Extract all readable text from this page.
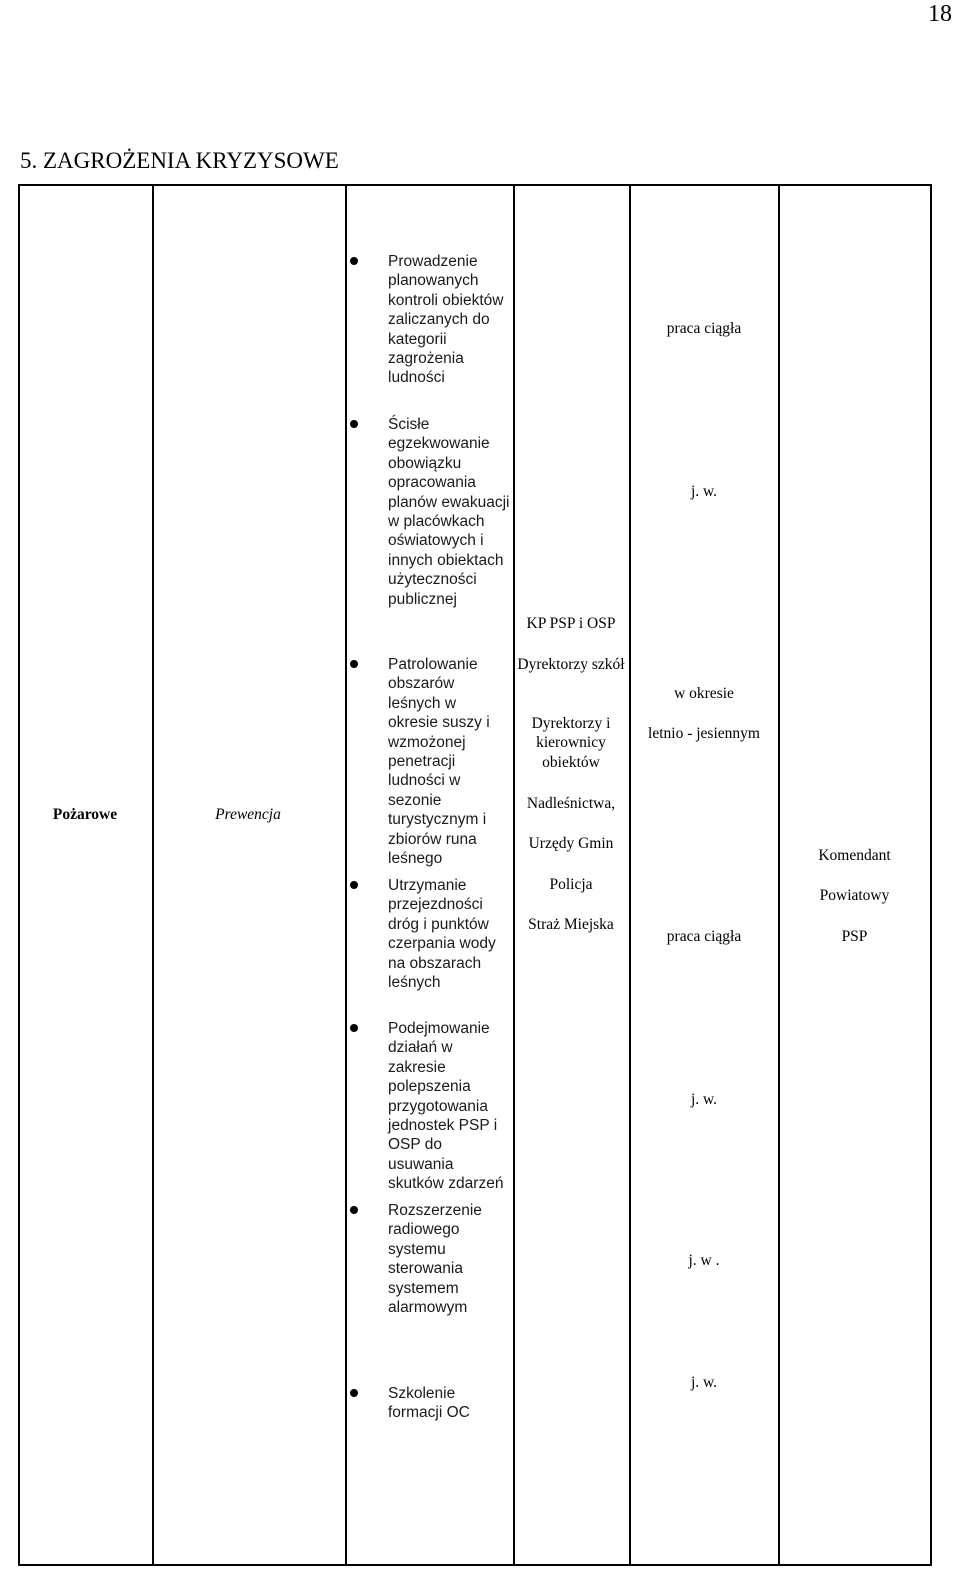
18
5. ZAGROŻENIA KRYZYSOWE
Pożarowe	Prewencja
Prowadzenie planowanych kontroli obiektów zaliczanych do kategorii zagrożenia ludności
Ścisłe egzekwowanie obowiązku opracowania planów ewakuacji w placówkach oświatowych i innych obiektach użyteczności publicznej
Patrolowanie obszarów leśnych w okresie suszy i wzmożonej penetracji ludności w sezonie turystycznym i zbiorów runa leśnego
Utrzymanie przejezdności dróg i punktów czerpania wody na obszarach leśnych
Podejmowanie działań w zakresie polepszenia przygotowania jednostek PSP i OSP do usuwania skutków zdarzeń
Rozszerzenie radiowego systemu sterowania systemem alarmowym
Szkolenie formacji OC
KP PSP i OSP
Dyrektorzy szkół
Dyrektorzy i kierownicy obiektów
Nadleśnictwa,
Urzędy Gmin
Policja
Straż Miejska
praca ciągła
j. w.
w okresie
letnio - jesiennym
praca ciągła
j. w.
j. w .
j. w.
Komendant
Powiatowy
PSP
